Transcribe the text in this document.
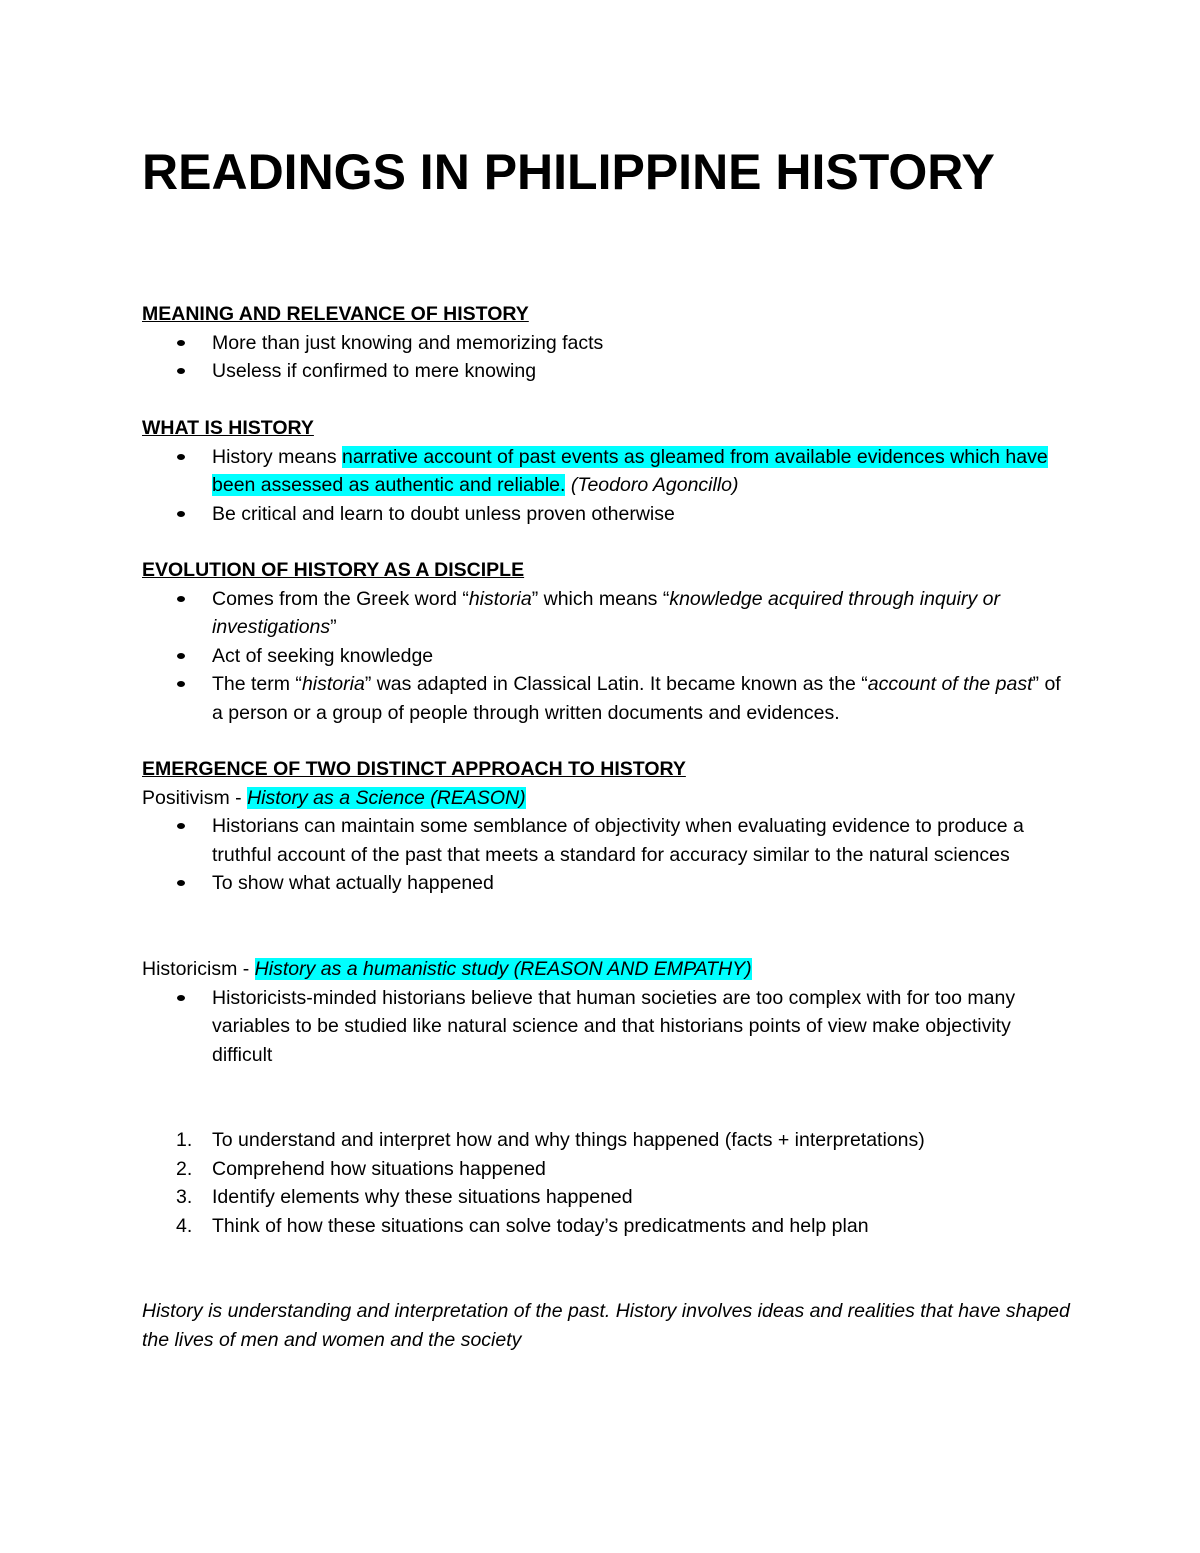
READINGS IN PHILIPPINE HISTORY
MEANING AND RELEVANCE OF HISTORY
More than just knowing and memorizing facts
Useless if confirmed to mere knowing
WHAT IS HISTORY
History means narrative account of past events as gleamed from available evidences which have been assessed as authentic and reliable. (Teodoro Agoncillo)
Be critical and learn to doubt unless proven otherwise
EVOLUTION OF HISTORY AS A DISCIPLE
Comes from the Greek word “historia” which means “knowledge acquired through inquiry or investigations”
Act of seeking knowledge
The term “historia” was adapted in Classical Latin. It became known as the “account of the past” of a person or a group of people through written documents and evidences.
EMERGENCE OF TWO DISTINCT APPROACH TO HISTORY
Positivism - History as a Science (REASON)
Historians can maintain some semblance of objectivity when evaluating evidence to produce a truthful account of the past that meets a standard for accuracy similar to the natural sciences
To show what actually happened
Historicism - History as a humanistic study (REASON AND EMPATHY)
Historicists-minded historians believe that human societies are too complex with for too many variables to be studied like natural science and that historians points of view make objectivity difficult
1. To understand and interpret how and why things happened (facts + interpretations)
2. Comprehend how situations happened
3. Identify elements why these situations happened
4. Think of how these situations can solve today’s predicatments and help plan
History is understanding and interpretation of the past. History involves ideas and realities that have shaped the lives of men and women and the society
